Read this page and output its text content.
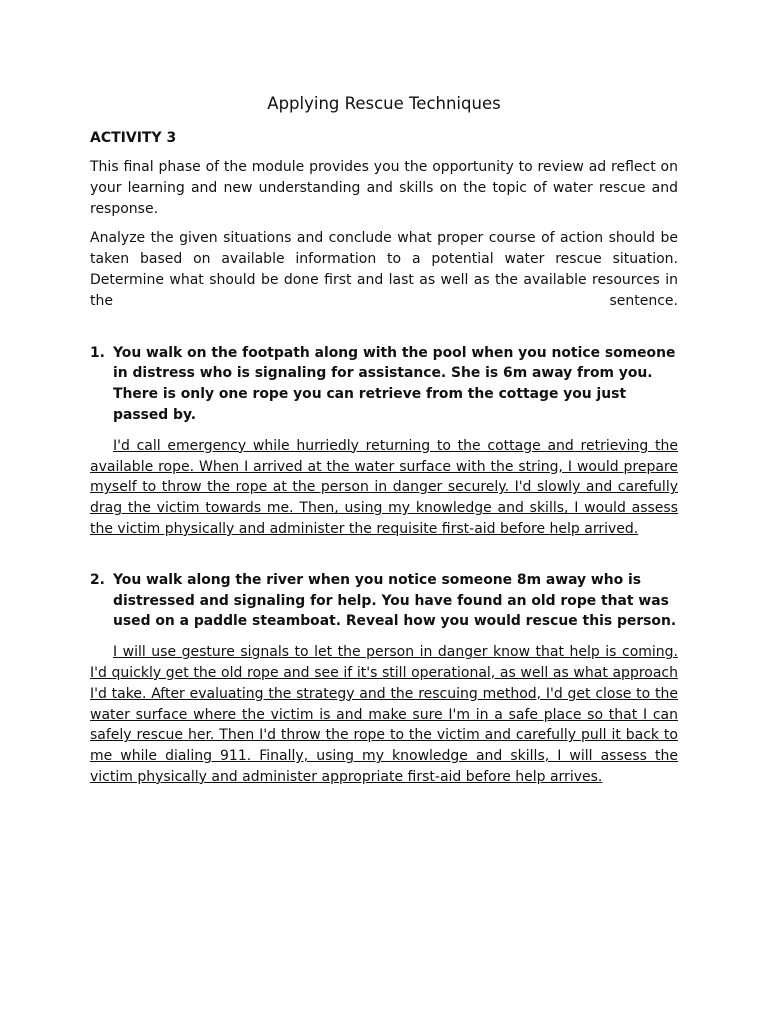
Applying Rescue Techniques
ACTIVITY 3

This final phase of the module provides you the opportunity to review ad reflect on your learning and new understanding and skills on the topic of water rescue and response.

Analyze the given situations and conclude what proper course of action should be taken based on available information to a potential water rescue situation. Determine what should be done first and last as well as the available resources in the sentence.

1. You walk on the footpath along with the pool when you notice someone in distress who is signaling for assistance. She is 6m away from you. There is only one rope you can retrieve from the cottage you just passed by.

I'd call emergency while hurriedly returning to the cottage and retrieving the available rope. When I arrived at the water surface with the string, I would prepare myself to throw the rope at the person in danger securely. I'd slowly and carefully drag the victim towards me. Then, using my knowledge and skills, I would assess the victim physically and administer the requisite first-aid before help arrived.

2. You walk along the river when you notice someone 8m away who is distressed and signaling for help. You have found an old rope that was used on a paddle steamboat. Reveal how you would rescue this person.

I will use gesture signals to let the person in danger know that help is coming. I'd quickly get the old rope and see if it's still operational, as well as what approach I'd take. After evaluating the strategy and the rescuing method, I'd get close to the water surface where the victim is and make sure I'm in a safe place so that I can safely rescue her. Then I'd throw the rope to the victim and carefully pull it back to me while dialing 911. Finally, using my knowledge and skills, I will assess the victim physically and administer appropriate first-aid before help arrives.
